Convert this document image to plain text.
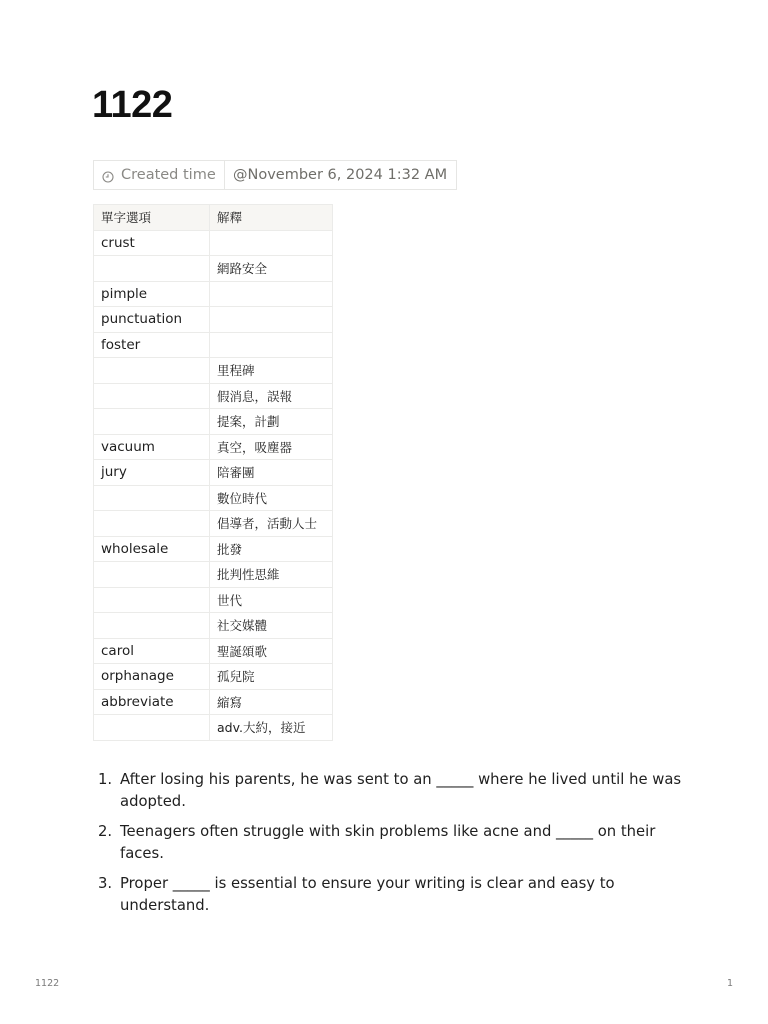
1122
Created time	@November 6, 2024 1:32 AM
單字選項	解釋
crust	
	網路安全
pimple	
punctuation	
foster	
	里程碑
	假消息，誤報
	提案，計劃
vacuum	真空，吸塵器
jury	陪審團
	數位時代
	倡導者，活動人士
wholesale	批發
	批判性思維
	世代
	社交媒體
carol	聖誕頌歌
orphanage	孤兒院
abbreviate	縮寫
	adv.大約，接近
1. After losing his parents, he was sent to an _____ where he lived until he was adopted.
2. Teenagers often struggle with skin problems like acne and _____ on their faces.
3. Proper _____ is essential to ensure your writing is clear and easy to understand.
1122	1
